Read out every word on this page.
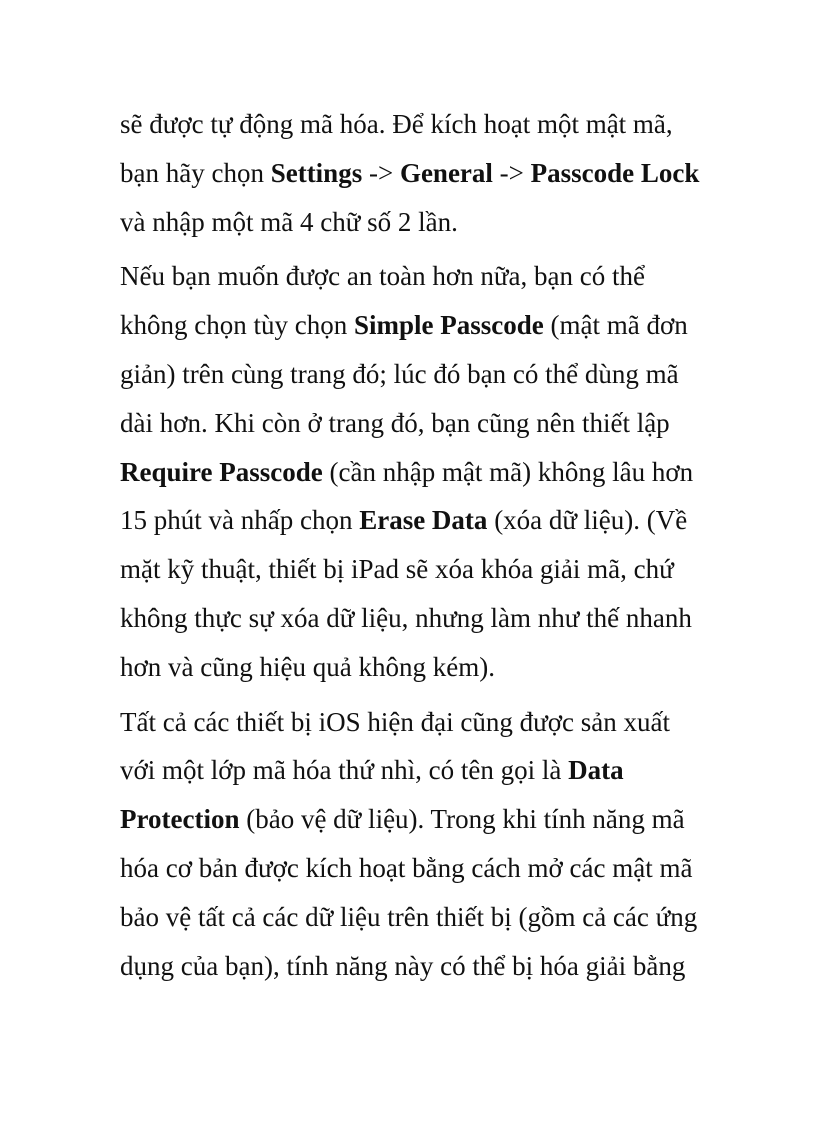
sẽ được tự động mã hóa. Để kích hoạt một mật mã,
bạn hãy chọn Settings -> General -> Passcode Lock
và nhập một mã 4 chữ số 2 lần.
Nếu bạn muốn được an toàn hơn nữa, bạn có thể
không chọn tùy chọn Simple Passcode (mật mã đơn
giản) trên cùng trang đó; lúc đó bạn có thể dùng mã
dài hơn. Khi còn ở trang đó, bạn cũng nên thiết lập
Require Passcode (cần nhập mật mã) không lâu hơn
15 phút và nhấp chọn Erase Data (xóa dữ liệu). (Về
mặt kỹ thuật, thiết bị iPad sẽ xóa khóa giải mã, chứ
không thực sự xóa dữ liệu, nhưng làm như thế nhanh
hơn và cũng hiệu quả không kém).
Tất cả các thiết bị iOS hiện đại cũng được sản xuất
với một lớp mã hóa thứ nhì, có tên gọi là Data
Protection (bảo vệ dữ liệu). Trong khi tính năng mã
hóa cơ bản được kích hoạt bằng cách mở các mật mã
bảo vệ tất cả các dữ liệu trên thiết bị (gồm cả các ứng
dụng của bạn), tính năng này có thể bị hóa giải bằng
